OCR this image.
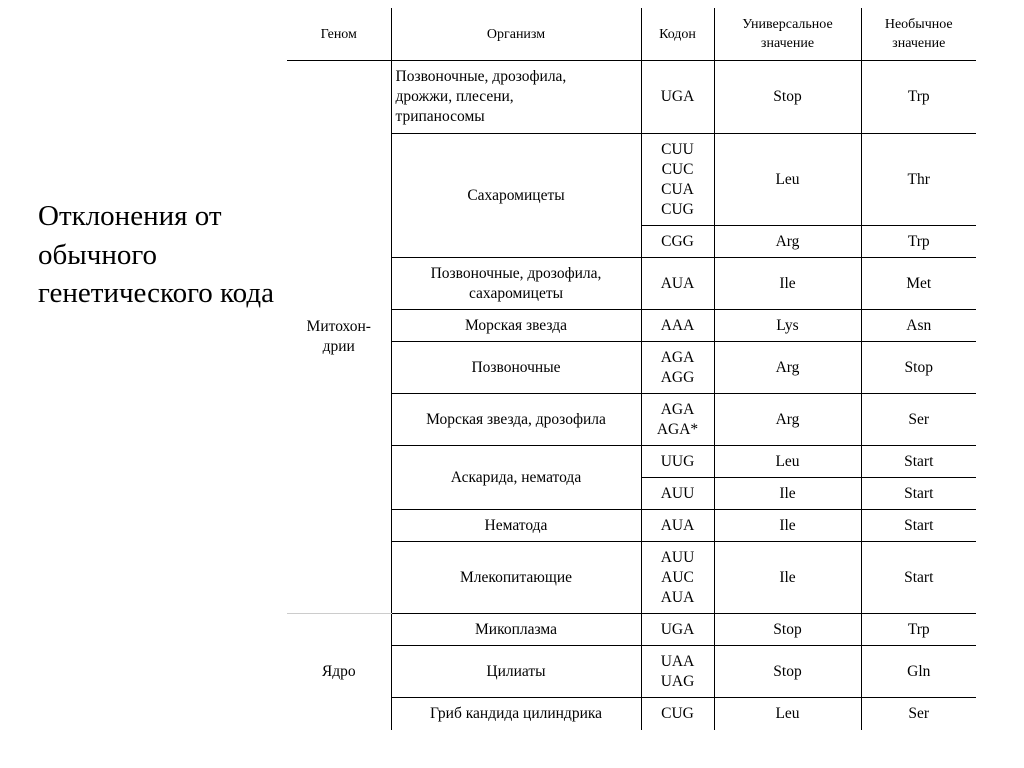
Отклонения от обычного генетического кода
Геном	Организм	Кодон	Универсальное
значение	Необычное
значение

Митохон-
дрии	Позвоночные, дрозофила,
дрожжи, плесени,
трипаносомы	UGA	Stop	Trp
	Сахаромицеты	CUU
CUC
CUA
CUG	Leu	Thr

		CGG	Arg	Trp

	Позвоночные, дрозофила,
сахаромицеты	AUA	Ile	Met

	Морская звезда	AAA	Lys	Asn

	Позвоночные	AGA
AGG	Arg	Stop

	Морская звезда, дрозофила	AGA
AGA*	Arg	Ser
	Аскарида, нематода	UUG	Leu	Start

		AUU	Ile	Start

	Нематода	AUA	Ile	Start

	Млекопитающие	AUU
AUC
AUA	Ile	Start
Ядро	Микоплазма	UGA	Stop	Trp

	Цилиаты	UAA
UAG	Stop	Gln

	Гриб кандида цилиндрика	CUG	Leu	Ser
